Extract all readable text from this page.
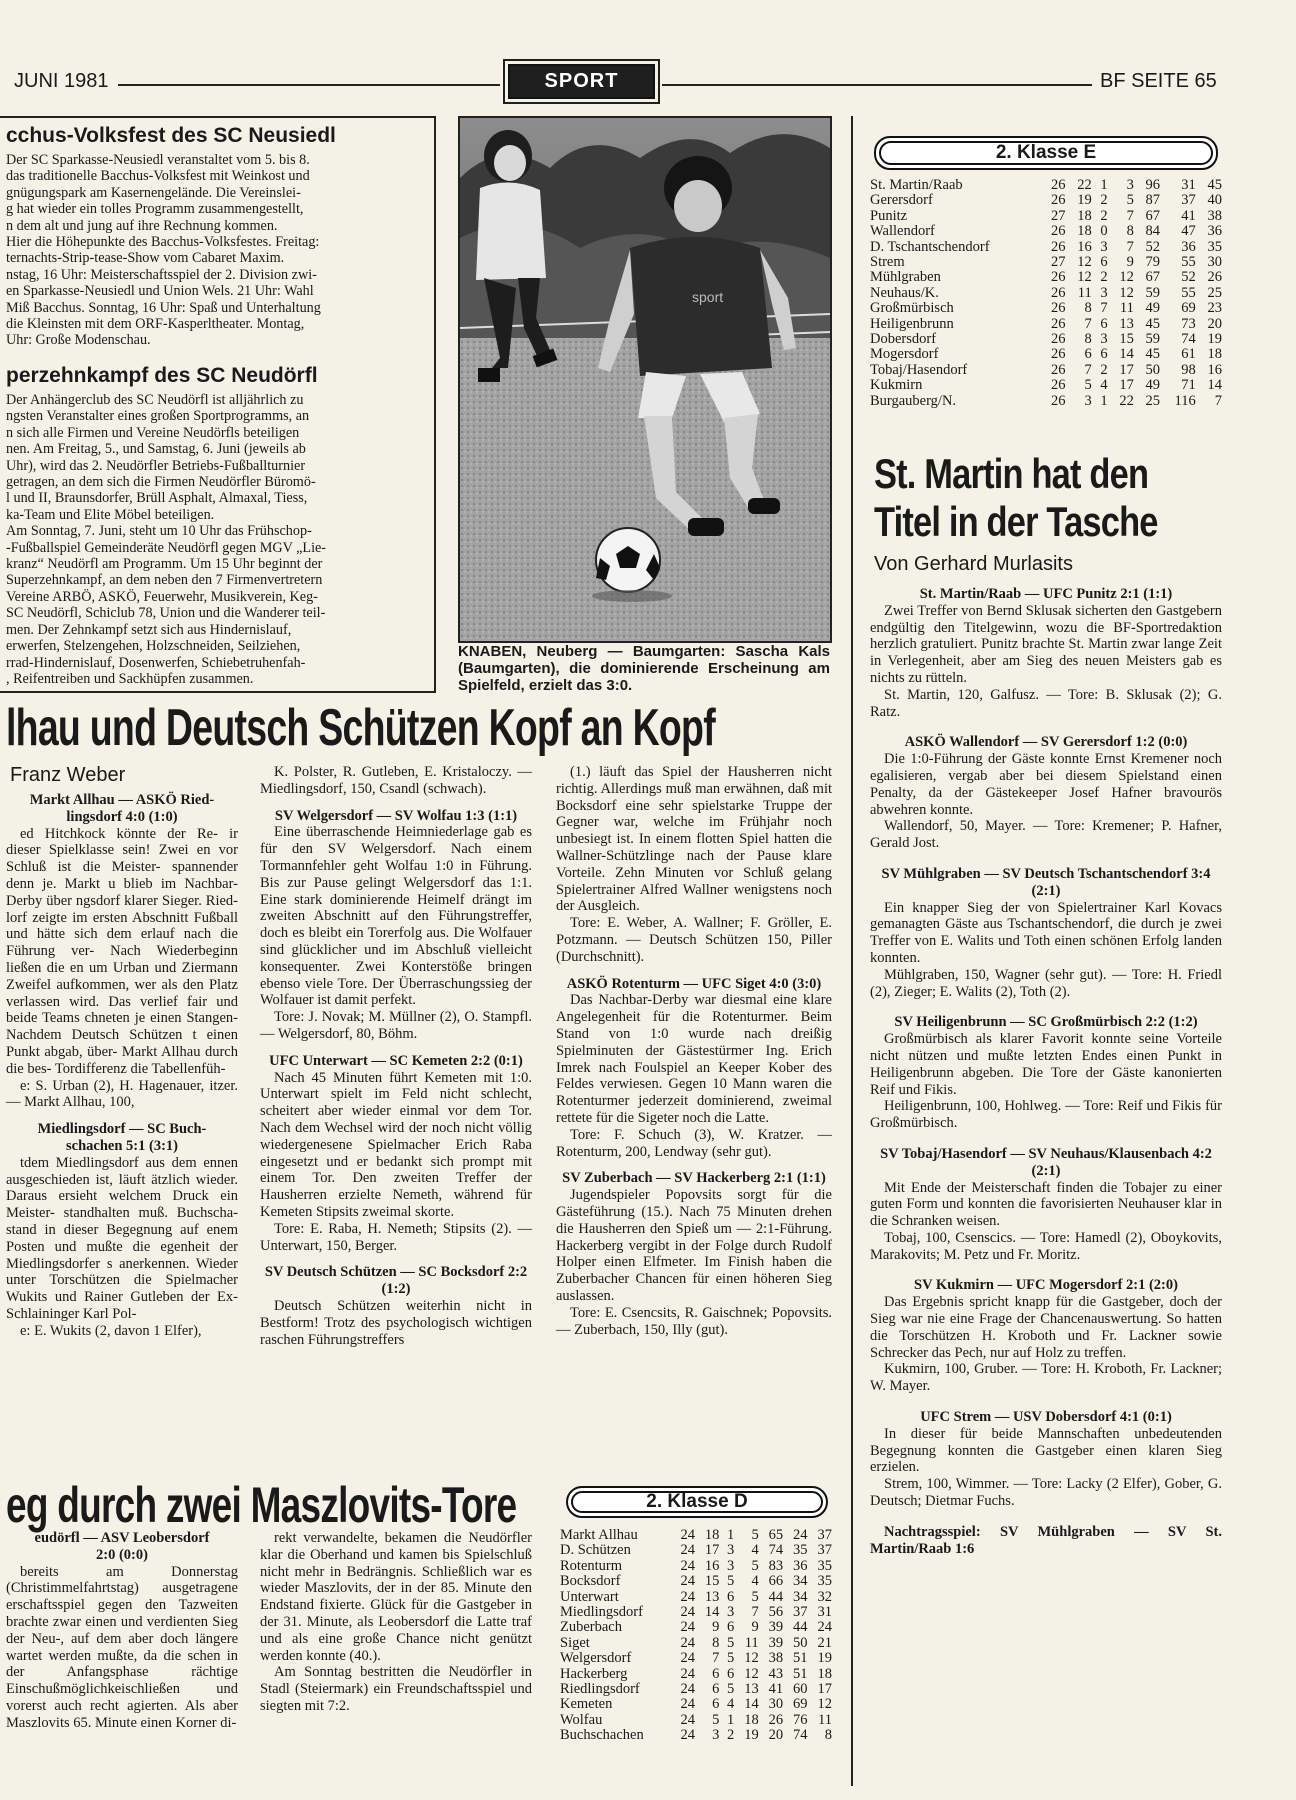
JUNI 1981	SPORT	BF SEITE 65
cchus-Volksfest des SC Neusiedl
Der SC Sparkasse-Neusiedl veranstaltet vom 5. bis 8.
das traditionelle Bacchus-Volksfest mit Weinkost und
gnügungspark am Kasernengelände. Die Vereinslei-
g hat wieder ein tolles Programm zusammengestellt,
n dem alt und jung auf ihre Rechnung kommen.
Hier die Höhepunkte des Bacchus-Volksfestes. Freitag:
ternachts-Strip-tease-Show vom Cabaret Maxim.
nstag, 16 Uhr: Meisterschaftsspiel der 2. Division zwi-
en Sparkasse-Neusiedl und Union Wels. 21 Uhr: Wahl
Miß Bacchus. Sonntag, 16 Uhr: Spaß und Unterhaltung
die Kleinsten mit dem ORF-Kasperltheater. Montag,
Uhr: Große Modenschau.
perzehnkampf des SC Neudörfl
Der Anhängerclub des SC Neudörfl ist alljährlich zu
ngsten Veranstalter eines großen Sportprogramms, an
n sich alle Firmen und Vereine Neudörfls beteiligen
nen. Am Freitag, 5., und Samstag, 6. Juni (jeweils ab
Uhr), wird das 2. Neudörfler Betriebs-Fußballturnier
getragen, an dem sich die Firmen Neudörfler Büromö-
l und II, Braunsdorfer, Brüll Asphalt, Almaxal, Tiess,
ka-Team und Elite Möbel beteiligen.
Am Sonntag, 7. Juni, steht um 10 Uhr das Frühschop-
-Fußballspiel Gemeinderäte Neudörfl gegen MGV „Lie-
kranz“ Neudörfl am Programm. Um 15 Uhr beginnt der
Superzehnkampf, an dem neben den 7 Firmenvertretern
Vereine ARBÖ, ASKÖ, Feuerwehr, Musikverein, Keg-
SC Neudörfl, Schiclub 78, Union und die Wanderer teil-
men. Der Zehnkampf setzt sich aus Hindernislauf,
erwerfen, Stelzengehen, Holzschneiden, Seilziehen,
rrad-Hindernislauf, Dosenwerfen, Schiebetruhenfah-
, Reifentreiben und Sackhüpfen zusammen.
sport
KNABEN, Neuberg — Baumgarten: Sascha Kals (Baumgarten), die dominierende Erscheinung am Spielfeld, erzielt das 3:0.
2. Klasse E
St. Martin/Raab	26	22	1	3	96	31	45
Gerersdorf	26	19	2	5	87	37	40
Punitz	27	18	2	7	67	41	38
Wallendorf	26	18	0	8	84	47	36
D. Tschantschendorf	26	16	3	7	52	36	35
Strem	27	12	6	9	79	55	30
Mühlgraben	26	12	2	12	67	52	26
Neuhaus/K.	26	11	3	12	59	55	25
Großmürbisch	26	8	7	11	49	69	23
Heiligenbrunn	26	7	6	13	45	73	20
Dobersdorf	26	8	3	15	59	74	19
Mogersdorf	26	6	6	14	45	61	18
Tobaj/Hasendorf	26	7	2	17	50	98	16
Kukmirn	26	5	4	17	49	71	14
Burgauberg/N.	26	3	1	22	25	116	7
St. Martin hat den
Titel in der Tasche
Von Gerhard Murlasits
St. Martin/Raab — UFC Punitz 2:1 (1:1)

Zwei Treffer von Bernd Sklusak sicherten den Gastgebern endgültig den Titelgewinn, wozu die BF-Sportredaktion herzlich gratuliert. Punitz brachte St. Martin zwar lange Zeit in Verlegenheit, aber am Sieg des neuen Meisters gab es nichts zu rütteln.

St. Martin, 120, Galfusz. — Tore: B. Sklusak (2); G. Ratz.

ASKÖ Wallendorf — SV Gerersdorf 1:2 (0:0)

Die 1:0-Führung der Gäste konnte Ernst Kremener noch egalisieren, vergab aber bei diesem Spielstand einen Penalty, da der Gästekeeper Josef Hafner bravourös abwehren konnte.

Wallendorf, 50, Mayer. — Tore: Kremener; P. Hafner, Gerald Jost.

SV Mühlgraben — SV Deutsch Tschantschendorf 3:4 (2:1)

Ein knapper Sieg der von Spielertrainer Karl Kovacs gemanagten Gäste aus Tschantschendorf, die durch je zwei Treffer von E. Walits und Toth einen schönen Erfolg landen konnten.

Mühlgraben, 150, Wagner (sehr gut). — Tore: H. Friedl (2), Zieger; E. Walits (2), Toth (2).

SV Heiligenbrunn — SC Großmürbisch 2:2 (1:2)

Großmürbisch als klarer Favorit konnte seine Vorteile nicht nützen und mußte letzten Endes einen Punkt in Heiligenbrunn abgeben. Die Tore der Gäste kanonierten Reif und Fikis.

Heiligenbrunn, 100, Hohlweg. — Tore: Reif und Fikis für Großmürbisch.

SV Tobaj/Hasendorf — SV Neuhaus/Klausenbach 4:2 (2:1)

Mit Ende der Meisterschaft finden die Tobajer zu einer guten Form und konnten die favorisierten Neuhauser klar in die Schranken weisen.

Tobaj, 100, Csenscics. — Tore: Hamedl (2), Oboykovits, Marakovits; M. Petz und Fr. Moritz.

SV Kukmirn — UFC Mogersdorf 2:1 (2:0)

Das Ergebnis spricht knapp für die Gastgeber, doch der Sieg war nie eine Frage der Chancenauswertung. So hatten die Torschützen H. Kroboth und Fr. Lackner sowie Schrecker das Pech, nur auf Holz zu treffen.

Kukmirn, 100, Gruber. — Tore: H. Kroboth, Fr. Lackner; W. Mayer.

UFC Strem — USV Dobersdorf 4:1 (0:1)

In dieser für beide Mannschaften unbedeutenden Begegnung konnten die Gastgeber einen klaren Sieg erzielen.

Strem, 100, Wimmer. — Tore: Lacky (2 Elfer), Gober, G. Deutsch; Dietmar Fuchs.

Nachtragsspiel: SV Mühlgraben — SV St. Martin/Raab 1:6

lhau und Deutsch Schützen Kopf an Kopf
Franz Weber
Markt Allhau — ASKÖ Ried-
lingsdorf 4:0 (1:0)

ed Hitchkock könnte der Re- ir dieser Spielklasse sein! Zwei en vor Schluß ist die Meister- spannender denn je. Markt u blieb im Nachbar-Derby über ngsdorf klarer Sieger. Ried- lorf zeigte im ersten Abschnitt Fußball und hätte sich dem erlauf nach die Führung ver- Nach Wiederbeginn ließen die en um Urban und Ziermann Zweifel aufkommen, wer als den Platz verlassen wird. Das verlief fair und beide Teams chneten je einen Stangen- Nachdem Deutsch Schützen t einen Punkt abgab, über- Markt Allhau durch die bes- Tordifferenz die Tabellenfüh-

e: S. Urban (2), H. Hagenauer, itzer. — Markt Allhau, 100,

Miedlingsdorf — SC Buch-
schachen 5:1 (3:1)

tdem Miedlingsdorf aus dem ennen ausgeschieden ist, läuft ätzlich wieder. Daraus ersieht welchem Druck ein Meister- standhalten muß. Buchscha- stand in dieser Begegnung auf enem Posten und mußte die egenheit der Miedlingsdorfer s anerkennen. Wieder unter Torschützen die Spielmacher Wukits und Rainer Gutleben der Ex-Schlaininger Karl Pol-

e: E. Wukits (2, davon 1 Elfer),

K. Polster, R. Gutleben, E. Kristaloczy. — Miedlingsdorf, 150, Csandl (schwach).

SV Welgersdorf — SV Wolfau 1:3 (1:1)

Eine überraschende Heimniederlage gab es für den SV Welgersdorf. Nach einem Tormannfehler geht Wolfau 1:0 in Führung. Bis zur Pause gelingt Welgersdorf das 1:1. Eine stark dominierende Heimelf drängt im zweiten Abschnitt auf den Führungstreffer, doch es bleibt ein Torerfolg aus. Die Wolfauer sind glücklicher und im Abschluß vielleicht konsequenter. Zwei Konterstöße bringen ebenso viele Tore. Der Überraschungssieg der Wolfauer ist damit perfekt.

Tore: J. Novak; M. Müllner (2), O. Stampfl. — Welgersdorf, 80, Böhm.

UFC Unterwart — SC Kemeten 2:2 (0:1)

Nach 45 Minuten führt Kemeten mit 1:0. Unterwart spielt im Feld nicht schlecht, scheitert aber wieder einmal vor dem Tor. Nach dem Wechsel wird der noch nicht völlig wiedergenesene Spielmacher Erich Raba eingesetzt und er bedankt sich prompt mit einem Tor. Den zweiten Treffer der Hausherren erzielte Nemeth, während für Kemeten Stipsits zweimal skorte.

Tore: E. Raba, H. Nemeth; Stipsits (2). — Unterwart, 150, Berger.

SV Deutsch Schützen — SC Bocksdorf 2:2 (1:2)

Deutsch Schützen weiterhin nicht in Bestform! Trotz des psychologisch wichtigen raschen Führungstreffers

(1.) läuft das Spiel der Hausherren nicht richtig. Allerdings muß man erwähnen, daß mit Bocksdorf eine sehr spielstarke Truppe der Gegner war, welche im Frühjahr noch unbesiegt ist. In einem flotten Spiel hatten die Wallner-Schützlinge nach der Pause klare Vorteile. Zehn Minuten vor Schluß gelang Spielertrainer Alfred Wallner wenigstens noch der Ausgleich.

Tore: E. Weber, A. Wallner; F. Gröller, E. Potzmann. — Deutsch Schützen 150, Piller (Durchschnitt).

ASKÖ Rotenturm — UFC Siget 4:0 (3:0)

Das Nachbar-Derby war diesmal eine klare Angelegenheit für die Rotenturmer. Beim Stand von 1:0 wurde nach dreißig Spielminuten der Gästestürmer Ing. Erich Imrek nach Foulspiel an Keeper Kober des Feldes verwiesen. Gegen 10 Mann waren die Rotenturmer jederzeit dominierend, zweimal rettete für die Sigeter noch die Latte.

Tore: F. Schuch (3), W. Kratzer. — Rotenturm, 200, Lendway (sehr gut).

SV Zuberbach — SV Hackerberg 2:1 (1:1)

Jugendspieler Popovsits sorgt für die Gästeführung (15.). Nach 75 Minuten drehen die Hausherren den Spieß um — 2:1-Führung. Hackerberg vergibt in der Folge durch Rudolf Holper einen Elfmeter. Im Finish haben die Zuberbacher Chancen für einen höheren Sieg auslassen.

Tore: E. Csencsits, R. Gaischnek; Popovsits. — Zuberbach, 150, Illy (gut).

eg durch zwei Maszlovits-Tore
eudörfl — ASV Leobersdorf
2:0 (0:0)

bereits am Donnerstag (Christimmelfahrtstag) ausgetragene erschaftsspiel gegen den Tazweiten brachte zwar einen und verdienten Sieg der Neu-, auf dem aber doch längere wartet werden mußte, da die schen in der Anfangsphase rächtige Einschußmöglichkeischließen und vorerst auch recht agierten. Als aber Maszlovits 65. Minute einen Korner di-

rekt verwandelte, bekamen die Neudörfler klar die Oberhand und kamen bis Spielschluß nicht mehr in Bedrängnis. Schließlich war es wieder Maszlovits, der in der 85. Minute den Endstand fixierte. Glück für die Gastgeber in der 31. Minute, als Leobersdorf die Latte traf und als eine große Chance nicht genützt werden konnte (40.).

Am Sonntag bestritten die Neudörfler in Stadl (Steiermark) ein Freundschaftsspiel und siegten mit 7:2.

2. Klasse D
Markt Allhau	24	18	1	5	65	24	37
D. Schützen	24	17	3	4	74	35	37
Rotenturm	24	16	3	5	83	36	35
Bocksdorf	24	15	5	4	66	34	35
Unterwart	24	13	6	5	44	34	32
Miedlingsdorf	24	14	3	7	56	37	31
Zuberbach	24	9	6	9	39	44	24
Siget	24	8	5	11	39	50	21
Welgersdorf	24	7	5	12	38	51	19
Hackerberg	24	6	6	12	43	51	18
Riedlingsdorf	24	6	5	13	41	60	17
Kemeten	24	6	4	14	30	69	12
Wolfau	24	5	1	18	26	76	11
Buchschachen	24	3	2	19	20	74	8
